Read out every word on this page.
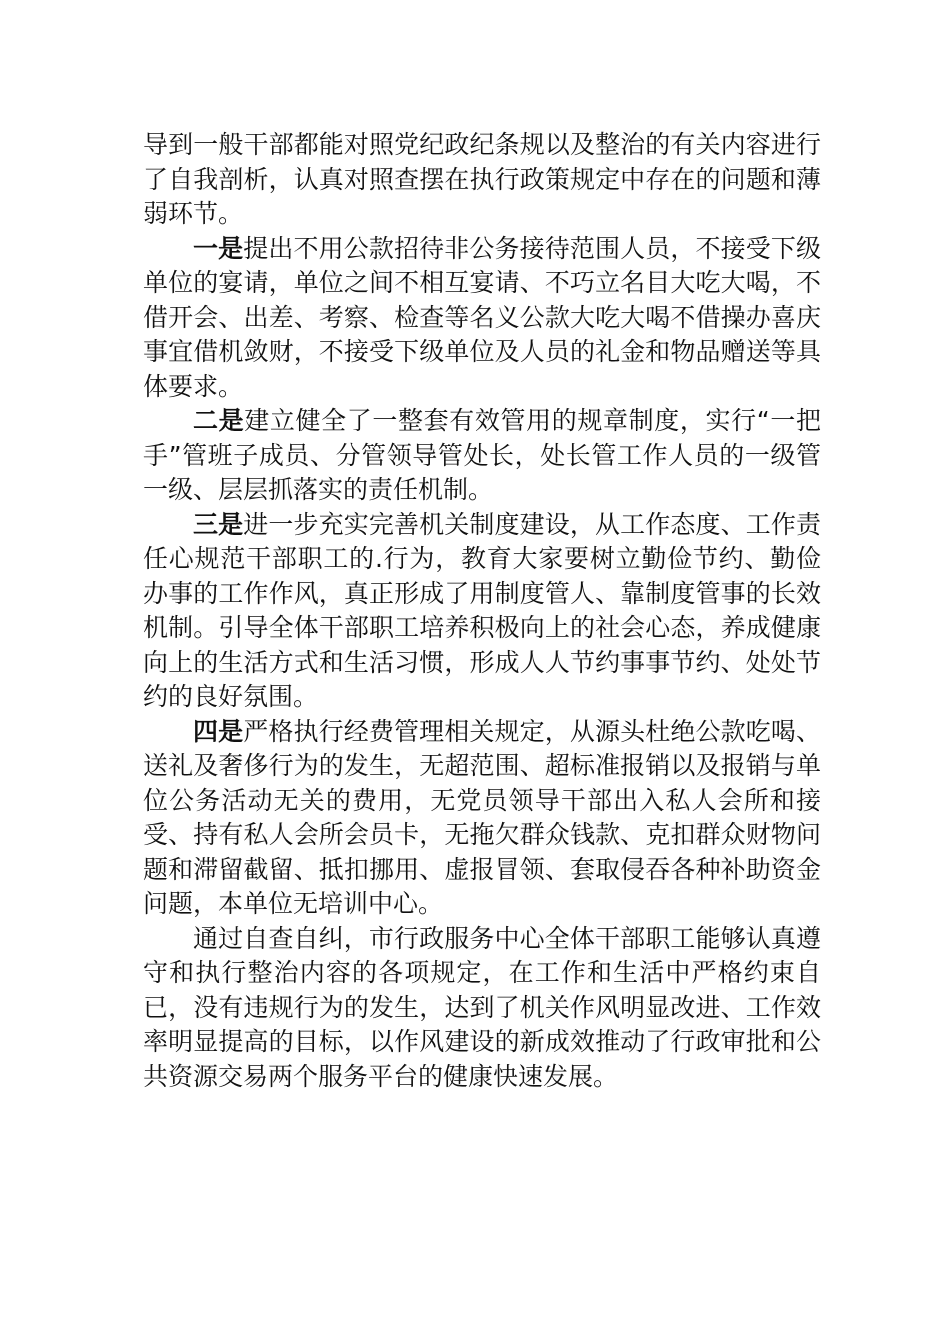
导到一般干部都能对照党纪政纪条规以及整治的有关内容进行了自我剖析，认真对照查摆在执行政策规定中存在的问题和薄弱环节。

一是提出不用公款招待非公务接待范围人员，不接受下级单位的宴请，单位之间不相互宴请、不巧立名目大吃大喝，不借开会、出差、考察、检查等名义公款大吃大喝不借操办喜庆事宜借机敛财，不接受下级单位及人员的礼金和物品赠送等具体要求。

二是建立健全了一整套有效管用的规章制度，实行“一把手”管班子成员、分管领导管处长，处长管工作人员的一级管一级、层层抓落实的责任机制。

三是进一步充实完善机关制度建设，从工作态度、工作责任心规范干部职工的.行为，教育大家要树立勤俭节约、勤俭办事的工作作风，真正形成了用制度管人、靠制度管事的长效机制。引导全体干部职工培养积极向上的社会心态，养成健康向上的生活方式和生活习惯，形成人人节约事事节约、处处节约的良好氛围。

四是严格执行经费管理相关规定，从源头杜绝公款吃喝、送礼及奢侈行为的发生，无超范围、超标准报销以及报销与单位公务活动无关的费用，无党员领导干部出入私人会所和接受、持有私人会所会员卡，无拖欠群众钱款、克扣群众财物问题和滞留截留、抵扣挪用、虚报冒领、套取侵吞各种补助资金问题，本单位无培训中心。

通过自查自纠，市行政服务中心全体干部职工能够认真遵守和执行整治内容的各项规定，在工作和生活中严格约束自已，没有违规行为的发生，达到了机关作风明显改进、工作效率明显提高的目标，以作风建设的新成效推动了行政审批和公共资源交易两个服务平台的健康快速发展。
